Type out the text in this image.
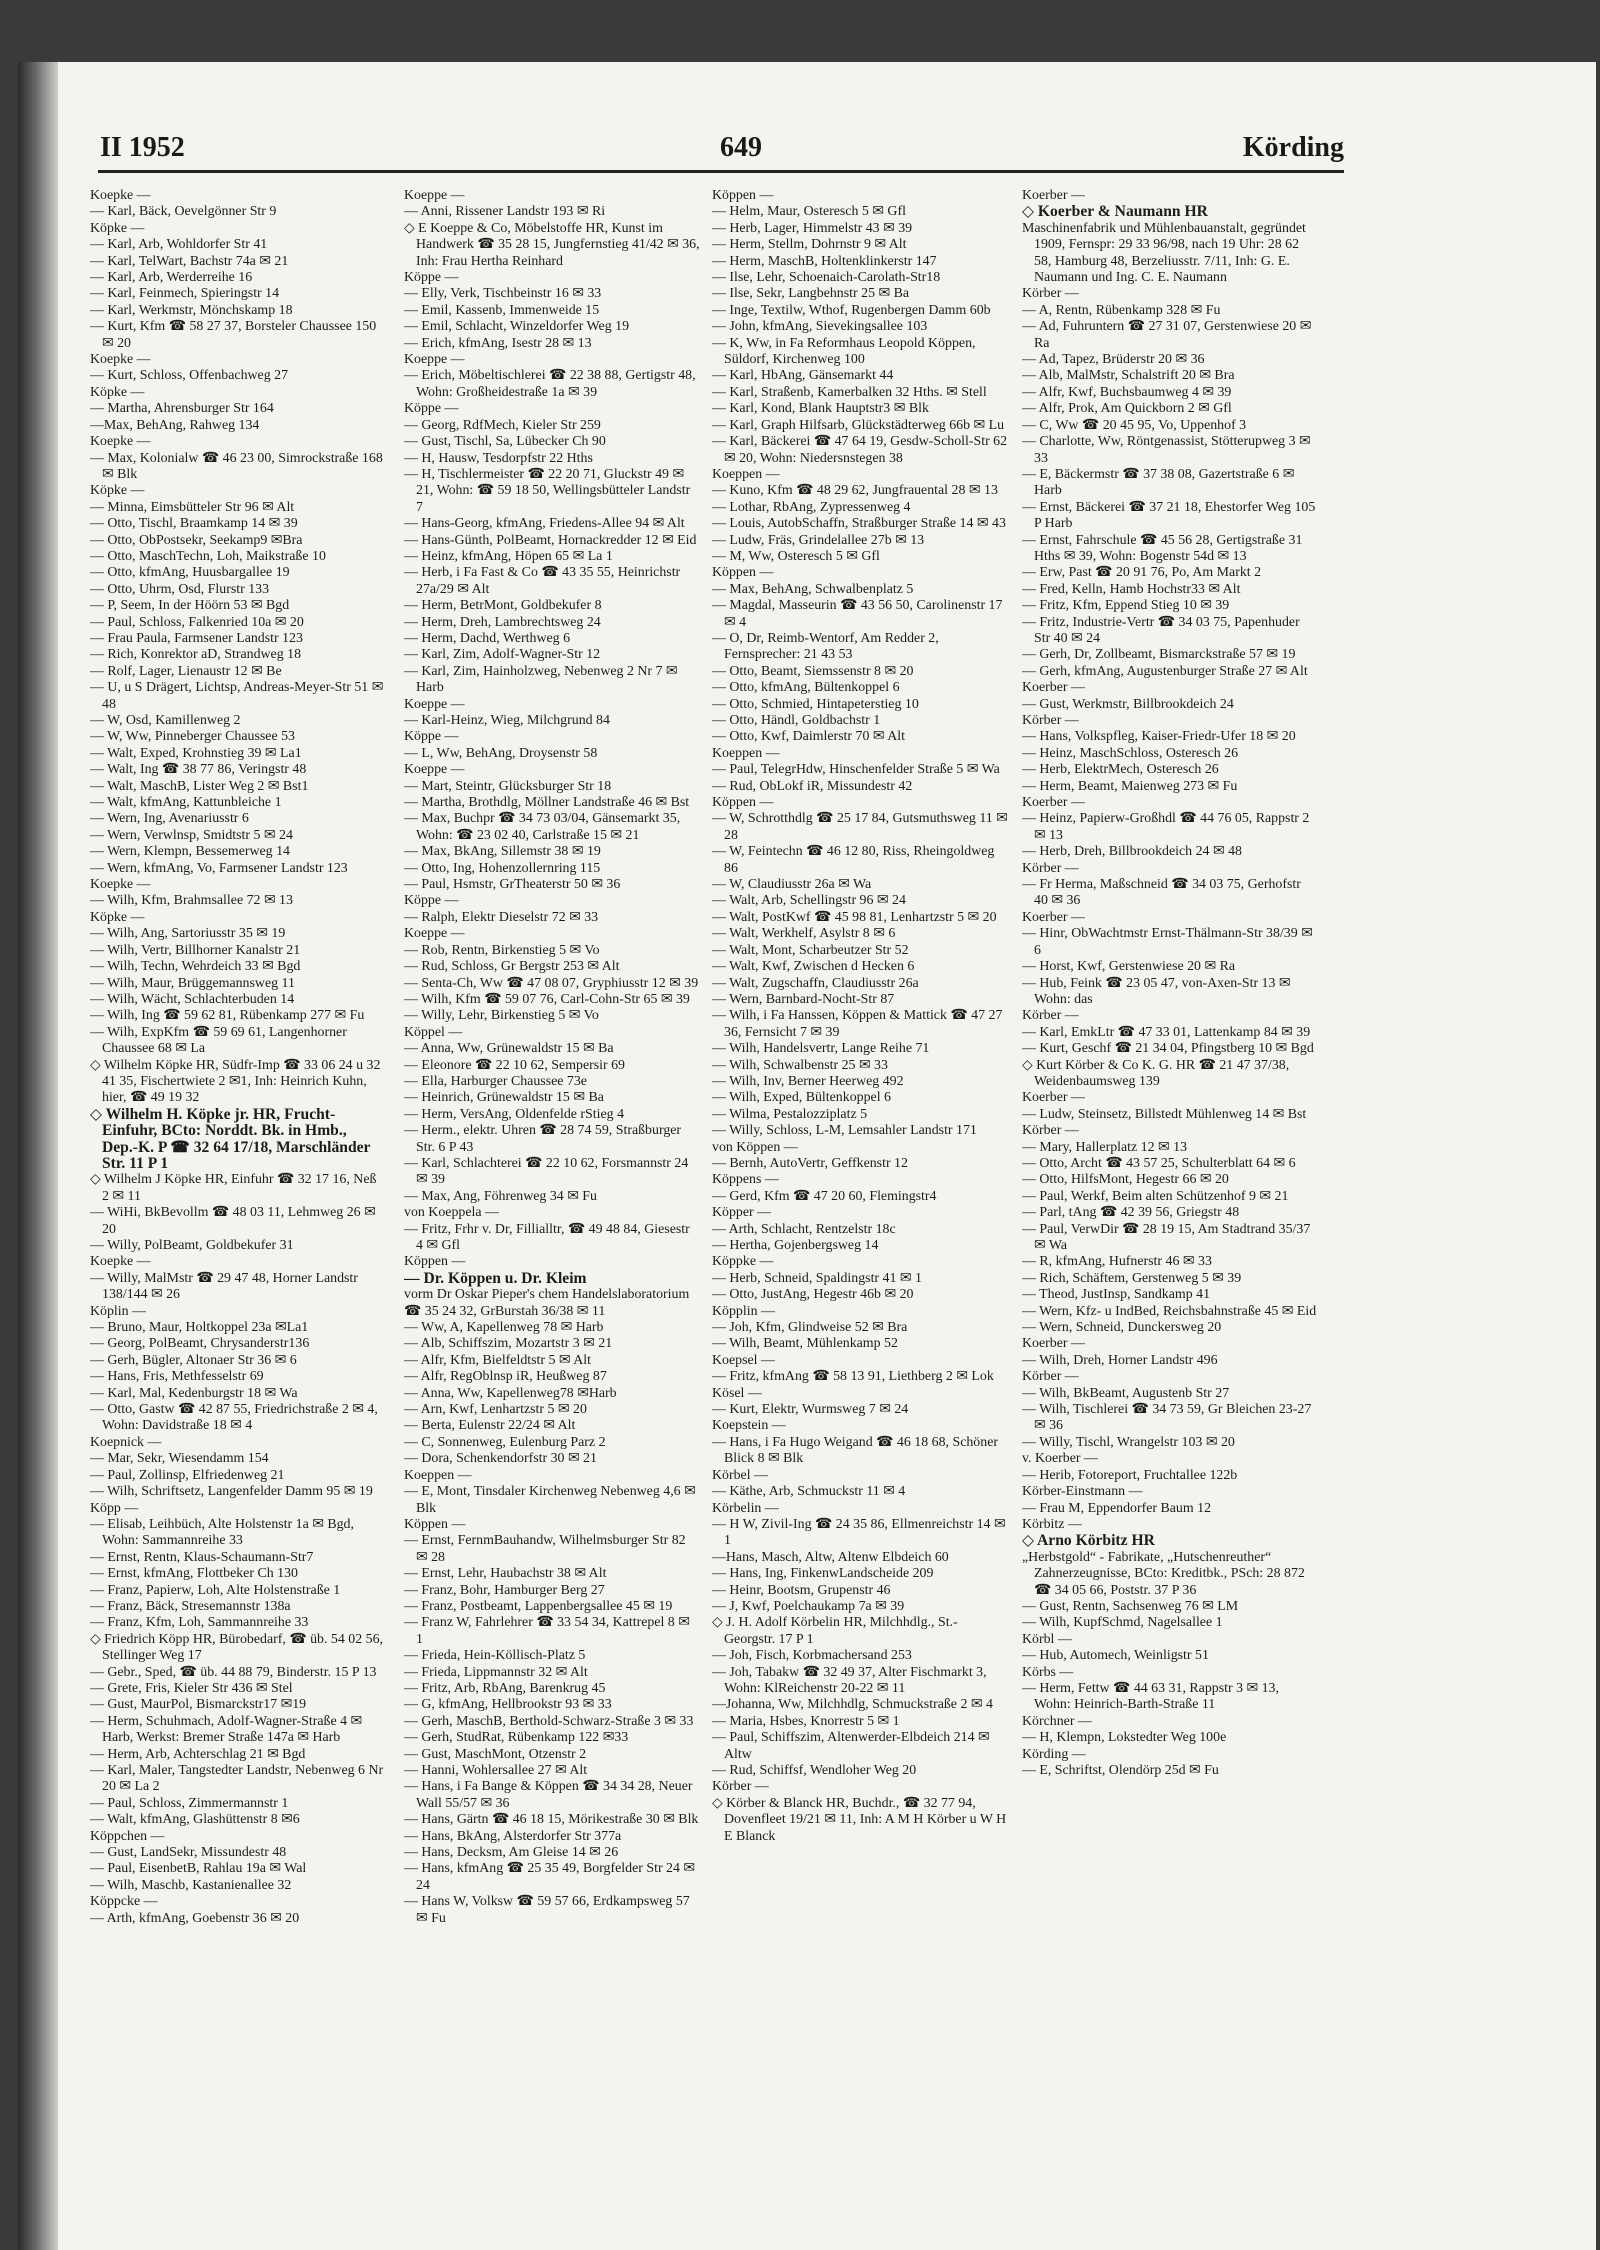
II 1952	649	Körding

Koepke —

— Karl, Bäck, Oevelgönner Str 9

Köpke —

— Karl, Arb, Wohldorfer Str 41

— Karl, TelWart, Bachstr 74a ✉ 21

— Karl, Arb, Werderreihe 16

— Karl, Feinmech, Spieringstr 14

— Karl, Werkmstr, Mönchskamp 18

— Kurt, Kfm ☎ 58 27 37, Borsteler Chaussee 150 ✉ 20

Koepke —

— Kurt, Schloss, Offenbachweg 27

Köpke —

— Martha, Ahrensburger Str 164

—Max, BehAng, Rahweg 134

Koepke —

— Max, Kolonialw ☎ 46 23 00, Simrockstraße 168 ✉ Blk

Köpke —

— Minna, Eimsbütteler Str 96 ✉ Alt

— Otto, Tischl, Braamkamp 14 ✉ 39

— Otto, ObPostsekr, Seekamp9 ✉Bra

— Otto, MaschTechn, Loh, Maikstraße 10

— Otto, kfmAng, Huusbargallee 19

— Otto, Uhrm, Osd, Flurstr 133

— P, Seem, In der Höörn 53 ✉ Bgd

— Paul, Schloss, Falkenried 10a ✉ 20

— Frau Paula, Farmsener Landstr 123

— Rich, Konrektor aD, Strandweg 18

— Rolf, Lager, Lienaustr 12 ✉ Be

— U, u S Drägert, Lichtsp, Andreas-Meyer-Str 51 ✉ 48

— W, Osd, Kamillenweg 2

— W, Ww, Pinneberger Chaussee 53

— Walt, Exped, Krohnstieg 39 ✉ La1

— Walt, Ing ☎ 38 77 86, Veringstr 48

— Walt, MaschB, Lister Weg 2 ✉ Bst1

— Walt, kfmAng, Kattunbleiche 1

— Wern, Ing, Avenariusstr 6

— Wern, Verwlnsp, Smidtstr 5 ✉ 24

— Wern, Klempn, Bessemerweg 14

— Wern, kfmAng, Vo, Farmsener Landstr 123

Koepke —

— Wilh, Kfm, Brahmsallee 72 ✉ 13

Köpke —

— Wilh, Ang, Sartoriusstr 35 ✉ 19

— Wilh, Vertr, Billhorner Kanalstr 21

— Wilh, Techn, Wehrdeich 33 ✉ Bgd

— Wilh, Maur, Brüggemannsweg 11

— Wilh, Wächt, Schlachterbuden 14

— Wilh, Ing ☎ 59 62 81, Rübenkamp 277 ✉ Fu

— Wilh, ExpKfm ☎ 59 69 61, Langenhorner Chaussee 68 ✉ La

◇ Wilhelm Köpke HR, Südfr-Imp ☎ 33 06 24 u 32 41 35, Fischertwiete 2 ✉1, Inh: Heinrich Kuhn, hier, ☎ 49 19 32

◇ Wilhelm H. Köpke jr. HR, Frucht-Einfuhr, BCto: Norddt. Bk. in Hmb., Dep.-K. P ☎ 32 64 17/18, Marschländer Str. 11 P 1

◇ Wilhelm J Köpke HR, Einfuhr ☎ 32 17 16, Neß 2 ✉ 11

— WiHi, BkBevollm ☎ 48 03 11, Lehmweg 26 ✉ 20

— Willy, PolBeamt, Goldbekufer 31

Koepke —

— Willy, MalMstr ☎ 29 47 48, Horner Landstr 138/144 ✉ 26

Köplin —

— Bruno, Maur, Holtkoppel 23a ✉La1

— Georg, PolBeamt, Chrysanderstr136

— Gerh, Bügler, Altonaer Str 36 ✉ 6

— Hans, Fris, Methfesselstr 69

— Karl, Mal, Kedenburgstr 18 ✉ Wa

— Otto, Gastw ☎ 42 87 55, Friedrichstraße 2 ✉ 4, Wohn: Davidstraße 18 ✉ 4

Koepnick —

— Mar, Sekr, Wiesendamm 154

— Paul, Zollinsp, Elfriedenweg 21

— Wilh, Schriftsetz, Langenfelder Damm 95 ✉ 19

Köpp —

— Elisab, Leihbüch, Alte Holstenstr 1a ✉ Bgd, Wohn: Sammannreihe 33

— Ernst, Rentn, Klaus-Schaumann-Str7

— Ernst, kfmAng, Flottbeker Ch 130

— Franz, Papierw, Loh, Alte Holstenstraße 1

— Franz, Bäck, Stresemannstr 138a

— Franz, Kfm, Loh, Sammannreihe 33

◇ Friedrich Köpp HR, Bürobedarf, ☎ üb. 54 02 56, Stellinger Weg 17

— Gebr., Sped, ☎ üb. 44 88 79, Binderstr. 15 P 13

— Grete, Fris, Kieler Str 436 ✉ Stel

— Gust, MaurPol, Bismarckstr17 ✉19

— Herm, Schuhmach, Adolf-Wagner-Straße 4 ✉ Harb, Werkst: Bremer Straße 147a ✉ Harb

— Herm, Arb, Achterschlag 21 ✉ Bgd

— Karl, Maler, Tangstedter Landstr, Nebenweg 6 Nr 20 ✉ La 2

— Paul, Schloss, Zimmermannstr 1

— Walt, kfmAng, Glashüttenstr 8 ✉6

Köppchen —

— Gust, LandSekr, Missundestr 48

— Paul, EisenbetB, Rahlau 19a ✉ Wal

— Wilh, Maschb, Kastanienallee 32

Köppcke —

— Arth, kfmAng, Goebenstr 36 ✉ 20

Koeppe —

— Anni, Rissener Landstr 193 ✉ Ri

◇ E Koeppe & Co, Möbelstoffe HR, Kunst im Handwerk ☎ 35 28 15, Jungfernstieg 41/42 ✉ 36, Inh: Frau Hertha Reinhard

Köppe —

— Elly, Verk, Tischbeinstr 16 ✉ 33

— Emil, Kassenb, Immenweide 15

— Emil, Schlacht, Winzeldorfer Weg 19

— Erich, kfmAng, Isestr 28 ✉ 13

Koeppe —

— Erich, Möbeltischlerei ☎ 22 38 88, Gertigstr 48, Wohn: Großheidestraße 1a ✉ 39

Köppe —

— Georg, RdfMech, Kieler Str 259

— Gust, Tischl, Sa, Lübecker Ch 90

— H, Hausw, Tesdorpfstr 22 Hths

— H, Tischlermeister ☎ 22 20 71, Gluckstr 49 ✉ 21, Wohn: ☎ 59 18 50, Wellingsbütteler Landstr 7

— Hans-Georg, kfmAng, Friedens-Allee 94 ✉ Alt

— Hans-Günth, PolBeamt, Hornackredder 12 ✉ Eid

— Heinz, kfmAng, Höpen 65 ✉ La 1

— Herb, i Fa Fast & Co ☎ 43 35 55, Heinrichstr 27a/29 ✉ Alt

— Herm, BetrMont, Goldbekufer 8

— Herm, Dreh, Lambrechtsweg 24

— Herm, Dachd, Werthweg 6

— Karl, Zim, Adolf-Wagner-Str 12

— Karl, Zim, Hainholzweg, Nebenweg 2 Nr 7 ✉ Harb

Koeppe —

— Karl-Heinz, Wieg, Milchgrund 84

Köppe —

— L, Ww, BehAng, Droysenstr 58

Koeppe —

— Mart, Steintr, Glücksburger Str 18

— Martha, Brothdlg, Möllner Landstraße 46 ✉ Bst

— Max, Buchpr ☎ 34 73 03/04, Gänsemarkt 35, Wohn: ☎ 23 02 40, Carlstraße 15 ✉ 21

— Max, BkAng, Sillemstr 38 ✉ 19

— Otto, Ing, Hohenzollernring 115

— Paul, Hsmstr, GrTheaterstr 50 ✉ 36

Köppe —

— Ralph, Elektr Dieselstr 72 ✉ 33

Koeppe —

— Rob, Rentn, Birkenstieg 5 ✉ Vo

— Rud, Schloss, Gr Bergstr 253 ✉ Alt

— Senta-Ch, Ww ☎ 47 08 07, Gryphiusstr 12 ✉ 39

— Wilh, Kfm ☎ 59 07 76, Carl-Cohn-Str 65 ✉ 39

— Willy, Lehr, Birkenstieg 5 ✉ Vo

Köppel —

— Anna, Ww, Grünewaldstr 15 ✉ Ba

— Eleonore ☎ 22 10 62, Sempersir 69

— Ella, Harburger Chaussee 73e

— Heinrich, Grünewaldstr 15 ✉ Ba

— Herm, VersAng, Oldenfelde rStieg 4

— Herm., elektr. Uhren ☎ 28 74 59, Straßburger Str. 6 P 43

— Karl, Schlachterei ☎ 22 10 62, Forsmannstr 24 ✉ 39

— Max, Ang, Föhrenweg 34 ✉ Fu

von Koeppela —

— Fritz, Frhr v. Dr, Fillialltr, ☎ 49 48 84, Giesestr 4 ✉ Gfl

Köppen —

— Dr. Köppen u. Dr. Kleim

vorm Dr Oskar Pieper's chem Handelslaboratorium

☎ 35 24 32, GrBurstah 36/38 ✉ 11

— Ww, A, Kapellenweg 78 ✉ Harb

— Alb, Schiffszim, Mozartstr 3 ✉ 21

— Alfr, Kfm, Bielfeldtstr 5 ✉ Alt

— Alfr, RegOblnsp iR, Heußweg 87

— Anna, Ww, Kapellenweg78 ✉Harb

— Arn, Kwf, Lenhartzstr 5 ✉ 20

— Berta, Eulenstr 22/24 ✉ Alt

— C, Sonnenweg, Eulenburg Parz 2

— Dora, Schenkendorfstr 30 ✉ 21

Koeppen —

— E, Mont, Tinsdaler Kirchenweg Nebenweg 4,6 ✉ Blk

Köppen —

— Ernst, FernmBauhandw, Wilhelmsburger Str 82 ✉ 28

— Ernst, Lehr, Haubachstr 38 ✉ Alt

— Franz, Bohr, Hamburger Berg 27

— Franz, Postbeamt, Lappenbergsallee 45 ✉ 19

— Franz W, Fahrlehrer ☎ 33 54 34, Kattrepel 8 ✉ 1

— Frieda, Hein-Köllisch-Platz 5

— Frieda, Lippmannstr 32 ✉ Alt

— Fritz, Arb, RbAng, Barenkrug 45

— G, kfmAng, Hellbrookstr 93 ✉ 33

— Gerh, MaschB, Berthold-Schwarz-Straße 3 ✉ 33

— Gerh, StudRat, Rübenkamp 122 ✉33

— Gust, MaschMont, Otzenstr 2

— Hanni, Wohlersallee 27 ✉ Alt

— Hans, i Fa Bange & Köppen ☎ 34 34 28, Neuer Wall 55/57 ✉ 36

— Hans, Gärtn ☎ 46 18 15, Mörikestraße 30 ✉ Blk

— Hans, BkAng, Alsterdorfer Str 377a

— Hans, Decksm, Am Gleise 14 ✉ 26

— Hans, kfmAng ☎ 25 35 49, Borgfelder Str 24 ✉ 24

— Hans W, Volksw ☎ 59 57 66, Erdkampsweg 57 ✉ Fu

Köppen —

— Helm, Maur, Osteresch 5 ✉ Gfl

— Herb, Lager, Himmelstr 43 ✉ 39

— Herm, Stellm, Dohrnstr 9 ✉ Alt

— Herm, MaschB, Holtenklinkerstr 147

— Ilse, Lehr, Schoenaich-Carolath-Str18

— Ilse, Sekr, Langbehnstr 25 ✉ Ba

— Inge, Textilw, Wthof, Rugenbergen Damm 60b

— John, kfmAng, Sievekingsallee 103

— K, Ww, in Fa Reformhaus Leopold Köppen, Süldorf, Kirchenweg 100

— Karl, HbAng, Gänsemarkt 44

— Karl, Straßenb, Kamerbalken 32 Hths. ✉ Stell

— Karl, Kond, Blank Hauptstr3 ✉ Blk

— Karl, Graph Hilfsarb, Glückstädterweg 66b ✉ Lu

— Karl, Bäckerei ☎ 47 64 19, Gesdw-Scholl-Str 62 ✉ 20, Wohn: Niedersnstegen 38

Koeppen —

— Kuno, Kfm ☎ 48 29 62, Jungfrauental 28 ✉ 13

— Lothar, RbAng, Zypressenweg 4

— Louis, AutobSchaffn, Straßburger Straße 14 ✉ 43

— Ludw, Fräs, Grindelallee 27b ✉ 13

— M, Ww, Osteresch 5 ✉ Gfl

Köppen —

— Max, BehAng, Schwalbenplatz 5

— Magdal, Masseurin ☎ 43 56 50, Carolinenstr 17 ✉ 4

— O, Dr, Reimb-Wentorf, Am Redder 2, Fernsprecher: 21 43 53

— Otto, Beamt, Siemssenstr 8 ✉ 20

— Otto, kfmAng, Bültenkoppel 6

— Otto, Schmied, Hintapeterstieg 10

— Otto, Händl, Goldbachstr 1

— Otto, Kwf, Daimlerstr 70 ✉ Alt

Koeppen —

— Paul, TelegrHdw, Hinschenfelder Straße 5 ✉ Wa

— Rud, ObLokf iR, Missundestr 42

Köppen —

— W, Schrotthdlg ☎ 25 17 84, Gutsmuthsweg 11 ✉ 28

— W, Feintechn ☎ 46 12 80, Riss, Rheingoldweg 86

— W, Claudiusstr 26a ✉ Wa

— Walt, Arb, Schellingstr 96 ✉ 24

— Walt, PostKwf ☎ 45 98 81, Lenhartzstr 5 ✉ 20

— Walt, Werkhelf, Asylstr 8 ✉ 6

— Walt, Mont, Scharbeutzer Str 52

— Walt, Kwf, Zwischen d Hecken 6

— Walt, Zugschaffn, Claudiusstr 26a

— Wern, Barnbard-Nocht-Str 87

— Wilh, i Fa Hanssen, Köppen & Mattick ☎ 47 27 36, Fernsicht 7 ✉ 39

— Wilh, Handelsvertr, Lange Reihe 71

— Wilh, Schwalbenstr 25 ✉ 33

— Wilh, Inv, Berner Heerweg 492

— Wilh, Exped, Bültenkoppel 6

— Wilma, Pestalozziplatz 5

— Willy, Schloss, L-M, Lemsahler Landstr 171

von Köppen —

— Bernh, AutoVertr, Geffkenstr 12

Köppens —

— Gerd, Kfm ☎ 47 20 60, Flemingstr4

Köpper —

— Arth, Schlacht, Rentzelstr 18c

— Hertha, Gojenbergsweg 14

Köppke —

— Herb, Schneid, Spaldingstr 41 ✉ 1

— Otto, JustAng, Hegestr 46b ✉ 20

Köpplin —

— Joh, Kfm, Glindweise 52 ✉ Bra

— Wilh, Beamt, Mühlenkamp 52

Koepsel —

— Fritz, kfmAng ☎ 58 13 91, Liethberg 2 ✉ Lok

Kösel —

— Kurt, Elektr, Wurmsweg 7 ✉ 24

Koepstein —

— Hans, i Fa Hugo Weigand ☎ 46 18 68, Schöner Blick 8 ✉ Blk

Körbel —

— Käthe, Arb, Schmuckstr 11 ✉ 4

Körbelin —

— H W, Zivil-Ing ☎ 24 35 86, Ellmenreichstr 14 ✉ 1

—Hans, Masch, Altw, Altenw Elbdeich 60

— Hans, Ing, FinkenwLandscheide 209

— Heinr, Bootsm, Grupenstr 46

— J, Kwf, Poelchaukamp 7a ✉ 39

◇ J. H. Adolf Körbelin HR, Milchhdlg., St.-Georgstr. 17 P 1

— Joh, Fisch, Korbmachersand 253

— Joh, Tabakw ☎ 32 49 37, Alter Fischmarkt 3, Wohn: KlReichenstr 20-22 ✉ 11

—Johanna, Ww, Milchhdlg, Schmuckstraße 2 ✉ 4

— Maria, Hsbes, Knorrestr 5 ✉ 1

— Paul, Schiffszim, Altenwerder-Elbdeich 214 ✉ Altw

— Rud, Schiffsf, Wendloher Weg 20

Körber —

◇ Körber & Blanck HR, Buchdr., ☎ 32 77 94, Dovenfleet 19/21 ✉ 11, Inh: A M H Körber u W H E Blanck

Koerber —

◇ Koerber & Naumann HR

Maschinenfabrik und Mühlenbauanstalt, gegründet 1909, Fernspr: 29 33 96/98, nach 19 Uhr: 28 62 58, Hamburg 48, Berzeliusstr. 7/11, Inh: G. E. Naumann und Ing. C. E. Naumann

Körber —

— A, Rentn, Rübenkamp 328 ✉ Fu

— Ad, Fuhruntern ☎ 27 31 07, Gerstenwiese 20 ✉ Ra

— Ad, Tapez, Brüderstr 20 ✉ 36

— Alb, MalMstr, Schalstrift 20 ✉ Bra

— Alfr, Kwf, Buchsbaumweg 4 ✉ 39

— Alfr, Prok, Am Quickborn 2 ✉ Gfl

— C, Ww ☎ 20 45 95, Vo, Uppenhof 3

— Charlotte, Ww, Röntgenassist, Stötterupweg 3 ✉ 33

— E, Bäckermstr ☎ 37 38 08, Gazertstraße 6 ✉ Harb

— Ernst, Bäckerei ☎ 37 21 18, Ehestorfer Weg 105 P Harb

— Ernst, Fahrschule ☎ 45 56 28, Gertigstraße 31 Hths ✉ 39, Wohn: Bogenstr 54d ✉ 13

— Erw, Past ☎ 20 91 76, Po, Am Markt 2

— Fred, Kelln, Hamb Hochstr33 ✉ Alt

— Fritz, Kfm, Eppend Stieg 10 ✉ 39

— Fritz, Industrie-Vertr ☎ 34 03 75, Papenhuder Str 40 ✉ 24

— Gerh, Dr, Zollbeamt, Bismarckstraße 57 ✉ 19

— Gerh, kfmAng, Augustenburger Straße 27 ✉ Alt

Koerber —

— Gust, Werkmstr, Billbrookdeich 24

Körber —

— Hans, Volkspfleg, Kaiser-Friedr-Ufer 18 ✉ 20

— Heinz, MaschSchloss, Osteresch 26

— Herb, ElektrMech, Osteresch 26

— Herm, Beamt, Maienweg 273 ✉ Fu

Koerber —

— Heinz, Papierw-Großhdl ☎ 44 76 05, Rappstr 2 ✉ 13

— Herb, Dreh, Billbrookdeich 24 ✉ 48

Körber —

— Fr Herma, Maßschneid ☎ 34 03 75, Gerhofstr 40 ✉ 36

Koerber —

— Hinr, ObWachtmstr Ernst-Thälmann-Str 38/39 ✉ 6

— Horst, Kwf, Gerstenwiese 20 ✉ Ra

— Hub, Feink ☎ 23 05 47, von-Axen-Str 13 ✉ Wohn: das

Körber —

— Karl, EmkLtr ☎ 47 33 01, Lattenkamp 84 ✉ 39

— Kurt, Geschf ☎ 21 34 04, Pfingstberg 10 ✉ Bgd

◇ Kurt Körber & Co K. G. HR ☎ 21 47 37/38, Weidenbaumsweg 139

Koerber —

— Ludw, Steinsetz, Billstedt Mühlenweg 14 ✉ Bst

Körber —

— Mary, Hallerplatz 12 ✉ 13

— Otto, Archt ☎ 43 57 25, Schulterblatt 64 ✉ 6

— Otto, HilfsMont, Hegestr 66 ✉ 20

— Paul, Werkf, Beim alten Schützenhof 9 ✉ 21

— Parl, tAng ☎ 42 39 56, Griegstr 48

— Paul, VerwDir ☎ 28 19 15, Am Stadtrand 35/37 ✉ Wa

— R, kfmAng, Hufnerstr 46 ✉ 33

— Rich, Schäftem, Gerstenweg 5 ✉ 39

— Theod, JustInsp, Sandkamp 41

— Wern, Kfz- u IndBed, Reichsbahnstraße 45 ✉ Eid

— Wern, Schneid, Dunckersweg 20

Koerber —

— Wilh, Dreh, Horner Landstr 496

Körber —

— Wilh, BkBeamt, Augustenb Str 27

— Wilh, Tischlerei ☎ 34 73 59, Gr Bleichen 23-27 ✉ 36

— Willy, Tischl, Wrangelstr 103 ✉ 20

v. Koerber —

— Herib, Fotoreport, Fruchtallee 122b

Körber-Einstmann —

— Frau M, Eppendorfer Baum 12

Körbitz —

◇ Arno Körbitz HR

„Herbstgold“ - Fabrikate, „Hutschenreuther“ Zahnerzeugnisse, BCto: Kreditbk., PSch: 28 872 ☎ 34 05 66, Poststr. 37 P 36

— Gust, Rentn, Sachsenweg 76 ✉ LM

— Wilh, KupfSchmd, Nagelsallee 1

Körbl —

— Hub, Automech, Weinligstr 51

Körbs —

— Herm, Fettw ☎ 44 63 31, Rappstr 3 ✉ 13, Wohn: Heinrich-Barth-Straße 11

Körchner —

— H, Klempn, Lokstedter Weg 100e

Körding —

— E, Schriftst, Olendörp 25d ✉ Fu
